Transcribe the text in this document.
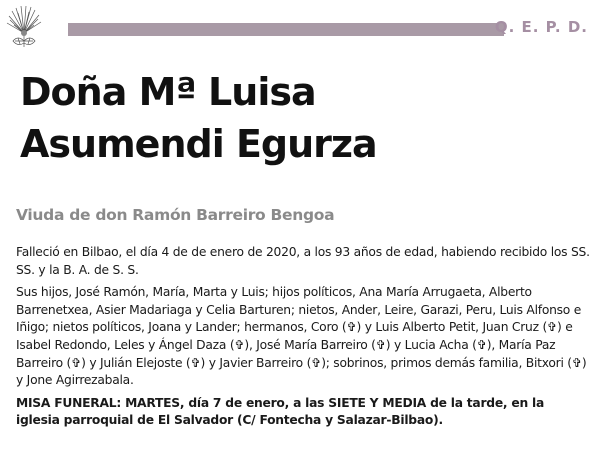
Q. E. P. D.
Doña Mª Luisa
Asumendi Egurza
Viuda de don Ramón Barreiro Bengoa

Falleció en Bilbao, el día 4 de de enero de 2020, a los 93 años de edad, habiendo recibido los SS. SS. y la B. A. de S. S.

Sus hijos, José Ramón, María, Marta y Luis; hijos políticos, Ana María Arrugaeta, Alberto Barrenetxea, Asier Madariaga y Celia Barturen; nietos, Ander, Leire, Garazi, Peru, Luis Alfonso e Iñigo; nietos políticos, Joana y Lander; hermanos, Coro (✞) y Luis Alberto Petit, Juan Cruz (✞) e Isabel Redondo, Leles y Ángel Daza (✞), José María Barreiro (✞) y Lucia Acha (✞), María Paz Barreiro (✞) y Julián Elejoste (✞) y Javier Barreiro (✞); sobrinos, primos demás familia, Bitxori (✞) y Jone Agirrezabala.

MISA FUNERAL: MARTES, día 7 de enero, a las SIETE Y MEDIA de la tarde, en la iglesia parroquial de El Salvador (C/ Fontecha y Salazar-Bilbao).
